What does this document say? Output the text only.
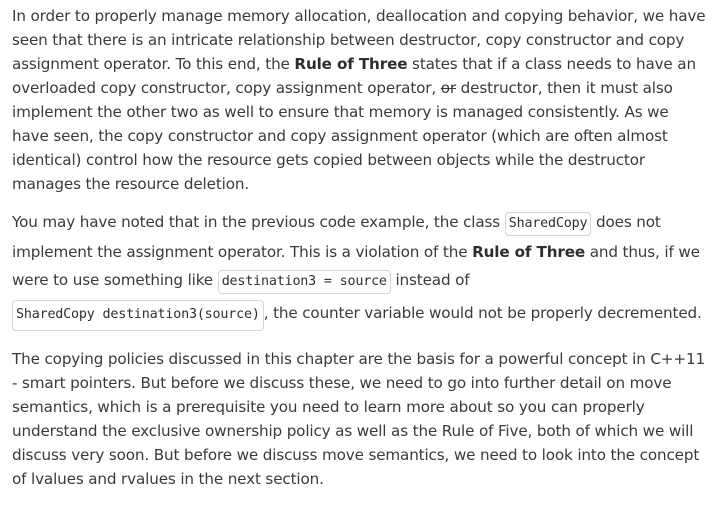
In order to properly manage memory allocation, deallocation and copying behavior, we have seen that there is an intricate relationship between destructor, copy constructor and copy assignment operator. To this end, the Rule of Three states that if a class needs to have an overloaded copy constructor, copy assignment operator, or destructor, then it must also implement the other two as well to ensure that memory is managed consistently. As we have seen, the copy constructor and copy assignment operator (which are often almost identical) control how the resource gets copied between objects while the destructor manages the resource deletion.

You may have noted that in the previous code example, the class SharedCopy does not implement the assignment operator. This is a violation of the Rule of Three and thus, if we were to use something like destination3 = source instead of
SharedCopy destination3(source) , the counter variable would not be properly decremented.

The copying policies discussed in this chapter are the basis for a powerful concept in C++11 - smart pointers. But before we discuss these, we need to go into further detail on move semantics, which is a prerequisite you need to learn more about so you can properly understand the exclusive ownership policy as well as the Rule of Five, both of which we will discuss very soon. But before we discuss move semantics, we need to look into the concept of lvalues and rvalues in the next section.
